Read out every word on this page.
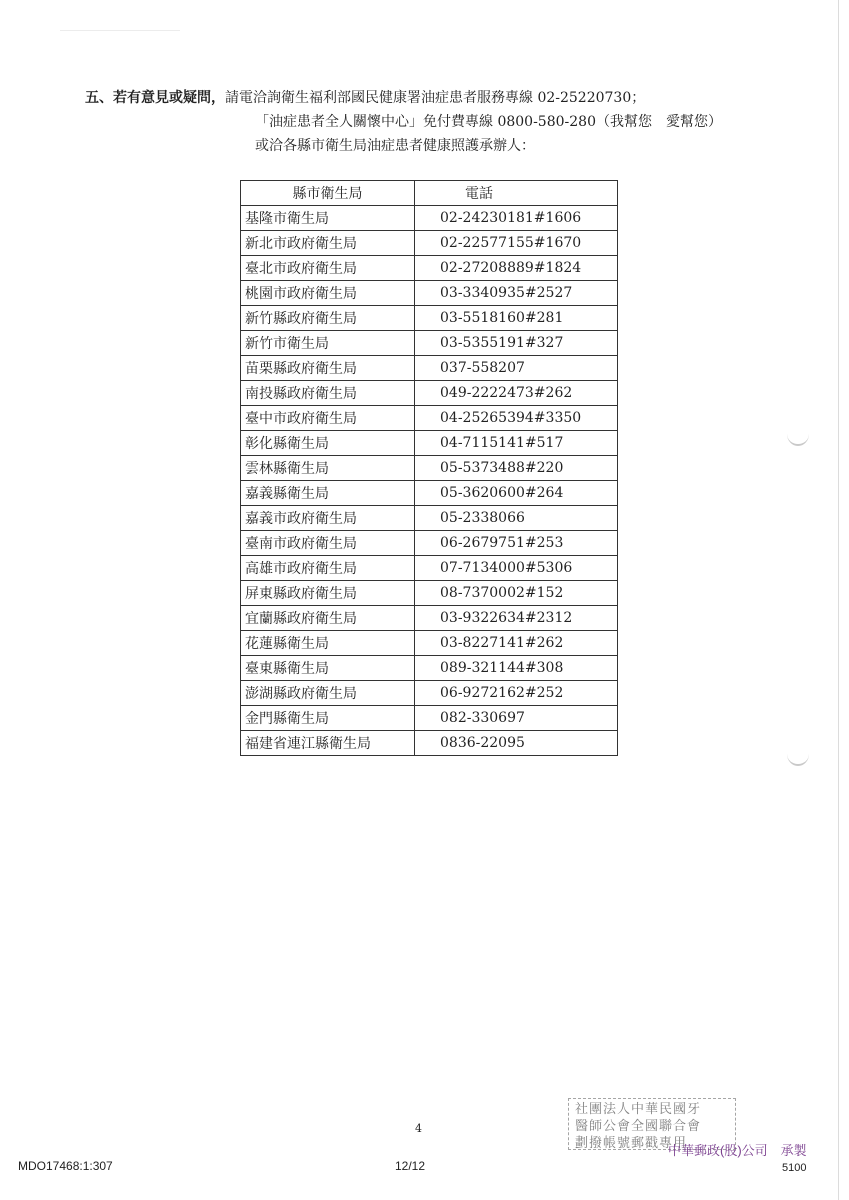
五、若有意見或疑問，請電洽詢衛生福利部國民健康署油症患者服務專線 02-25220730；
「油症患者全人關懷中心」免付費專線 0800-580-280（我幫您　愛幫您）
或洽各縣市衛生局油症患者健康照護承辦人：
縣市衛生局	電話
基隆市衛生局	02-24230181#1606
新北市政府衛生局	02-22577155#1670
臺北市政府衛生局	02-27208889#1824
桃園市政府衛生局	03-3340935#2527
新竹縣政府衛生局	03-5518160#281
新竹市衛生局	03-5355191#327
苗栗縣政府衛生局	037-558207
南投縣政府衛生局	049-2222473#262
臺中市政府衛生局	04-25265394#3350
彰化縣衛生局	04-7115141#517
雲林縣衛生局	05-5373488#220
嘉義縣衛生局	05-3620600#264
嘉義市政府衛生局	05-2338066
臺南市政府衛生局	06-2679751#253
高雄市政府衛生局	07-7134000#5306
屏東縣政府衛生局	08-7370002#152
宜蘭縣政府衛生局	03-9322634#2312
花蓮縣衛生局	03-8227141#262
臺東縣衛生局	089-321144#308
澎湖縣政府衛生局	06-9272162#252
金門縣衛生局	082-330697
福建省連江縣衛生局	0836-22095
4
MDO17468:1:307	12/12
社團法人中華民國牙
醫師公會全國聯合會
劃撥帳號郵戳專用
中華郵政(股)公司　承製
5100
